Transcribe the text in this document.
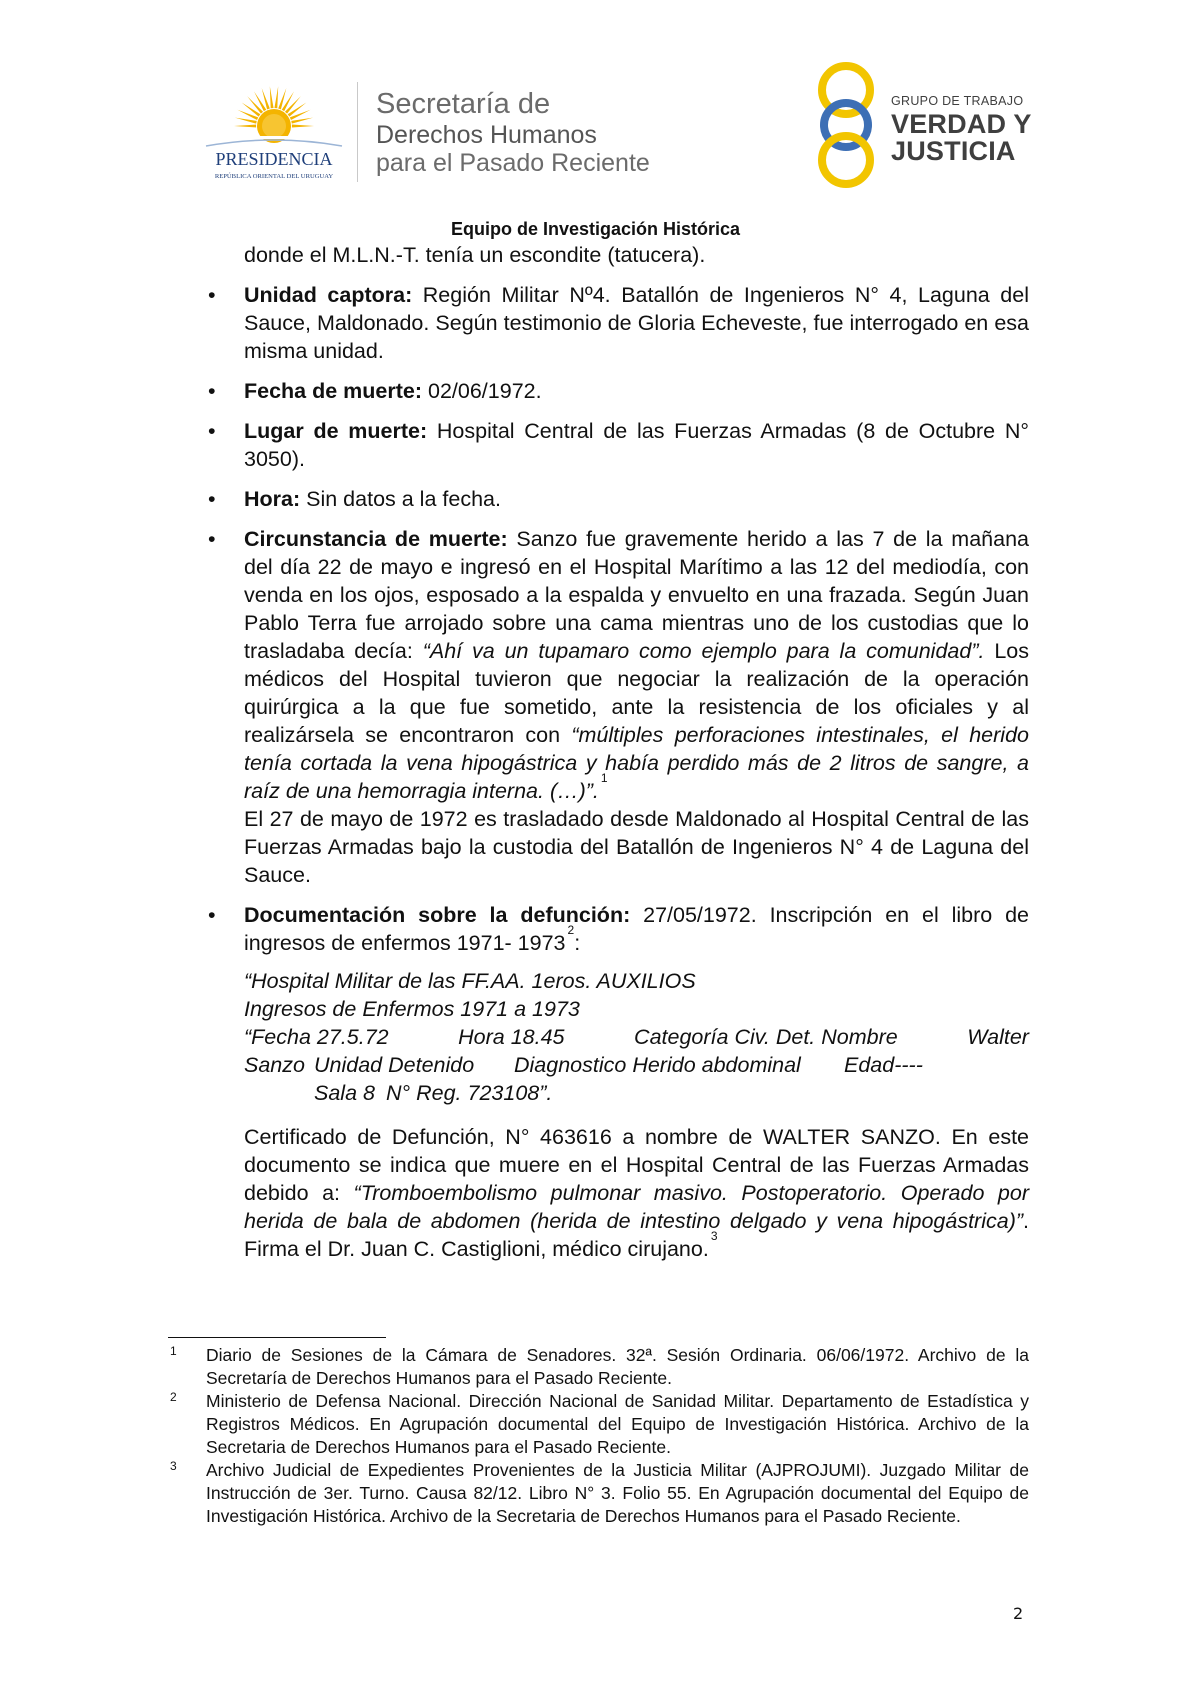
PRESIDENCIA
REPÚBLICA ORIENTAL DEL URUGUAY
Secretaría de
Derechos Humanos
para el Pasado Reciente
GRUPO DE TRABAJO
VERDAD Y
JUSTICIA
Equipo de Investigación Histórica

donde el M.L.N.-T. tenía un escondite (tatucera).

• Unidad captora: Región Militar Nº4. Batallón de Ingenieros N° 4, Laguna del Sauce, Maldonado. Según testimonio de Gloria Echeveste, fue interrogado en esa misma unidad.
• Fecha de muerte: 02/06/1972.
• Lugar de muerte: Hospital Central de las Fuerzas Armadas (8 de Octubre N° 3050).
• Hora: Sin datos a la fecha.
• Circunstancia de muerte: Sanzo fue gravemente herido a las 7 de la mañana del día 22 de mayo e ingresó en el Hospital Marítimo a las 12 del mediodía, con venda en los ojos, esposado a la espalda y envuelto en una frazada. Según Juan Pablo Terra fue arrojado sobre una cama mientras uno de los custodias que lo trasladaba decía: “Ahí va un tupamaro como ejemplo para la comunidad”. Los médicos del Hospital tuvieron que negociar la realización de la operación quirúrgica a la que fue sometido, ante la resistencia de los oficiales y al realizársela se encontraron con “múltiples perforaciones intestinales, el herido tenía cortada la vena hipogástrica y había perdido más de 2 litros de sangre, a raíz de una hemorragia interna. (…)”.$^1$

El 27 de mayo de 1972 es trasladado desde Maldonado al Hospital Central de las Fuerzas Armadas bajo la custodia del Batallón de Ingenieros N° 4 de Laguna del Sauce.

• Documentación sobre la defunción: 27/05/1972. Inscripción en el libro de ingresos de enfermos 1971- 1973$^2$:
“Hospital Militar de las FF.AA. 1eros. AUXILIOS
Ingresos de Enfermos 1971 a 1973
“Fecha 27.5.72	Hora 18.45	Categoría Civ. Det. Nombre	Walter
Sanzo Unidad Detenido	Diagnostico Herido abdominal	Edad----
Sala 8 N° Reg. 723108”.

Certificado de Defunción, N° 463616 a nombre de WALTER SANZO. En este documento se indica que muere en el Hospital Central de las Fuerzas Armadas debido a: “Tromboembolismo pulmonar masivo. Postoperatorio. Operado por herida de bala de abdomen (herida de intestino delgado y vena hipogástrica)”. Firma el Dr. Juan C. Castiglioni, médico cirujano.$^3$

1 Diario de Sesiones de la Cámara de Senadores. 32ª. Sesión Ordinaria. 06/06/1972. Archivo de la Secretaría de Derechos Humanos para el Pasado Reciente.
2 Ministerio de Defensa Nacional. Dirección Nacional de Sanidad Militar. Departamento de Estadística y Registros Médicos. En Agrupación documental del Equipo de Investigación Histórica. Archivo de la Secretaria de Derechos Humanos para el Pasado Reciente.
3 Archivo Judicial de Expedientes Provenientes de la Justicia Militar (AJPROJUMI). Juzgado Militar de Instrucción de 3er. Turno. Causa 82/12. Libro N° 3. Folio 55. En Agrupación documental del Equipo de Investigación Histórica. Archivo de la Secretaria de Derechos Humanos para el Pasado Reciente.
2
